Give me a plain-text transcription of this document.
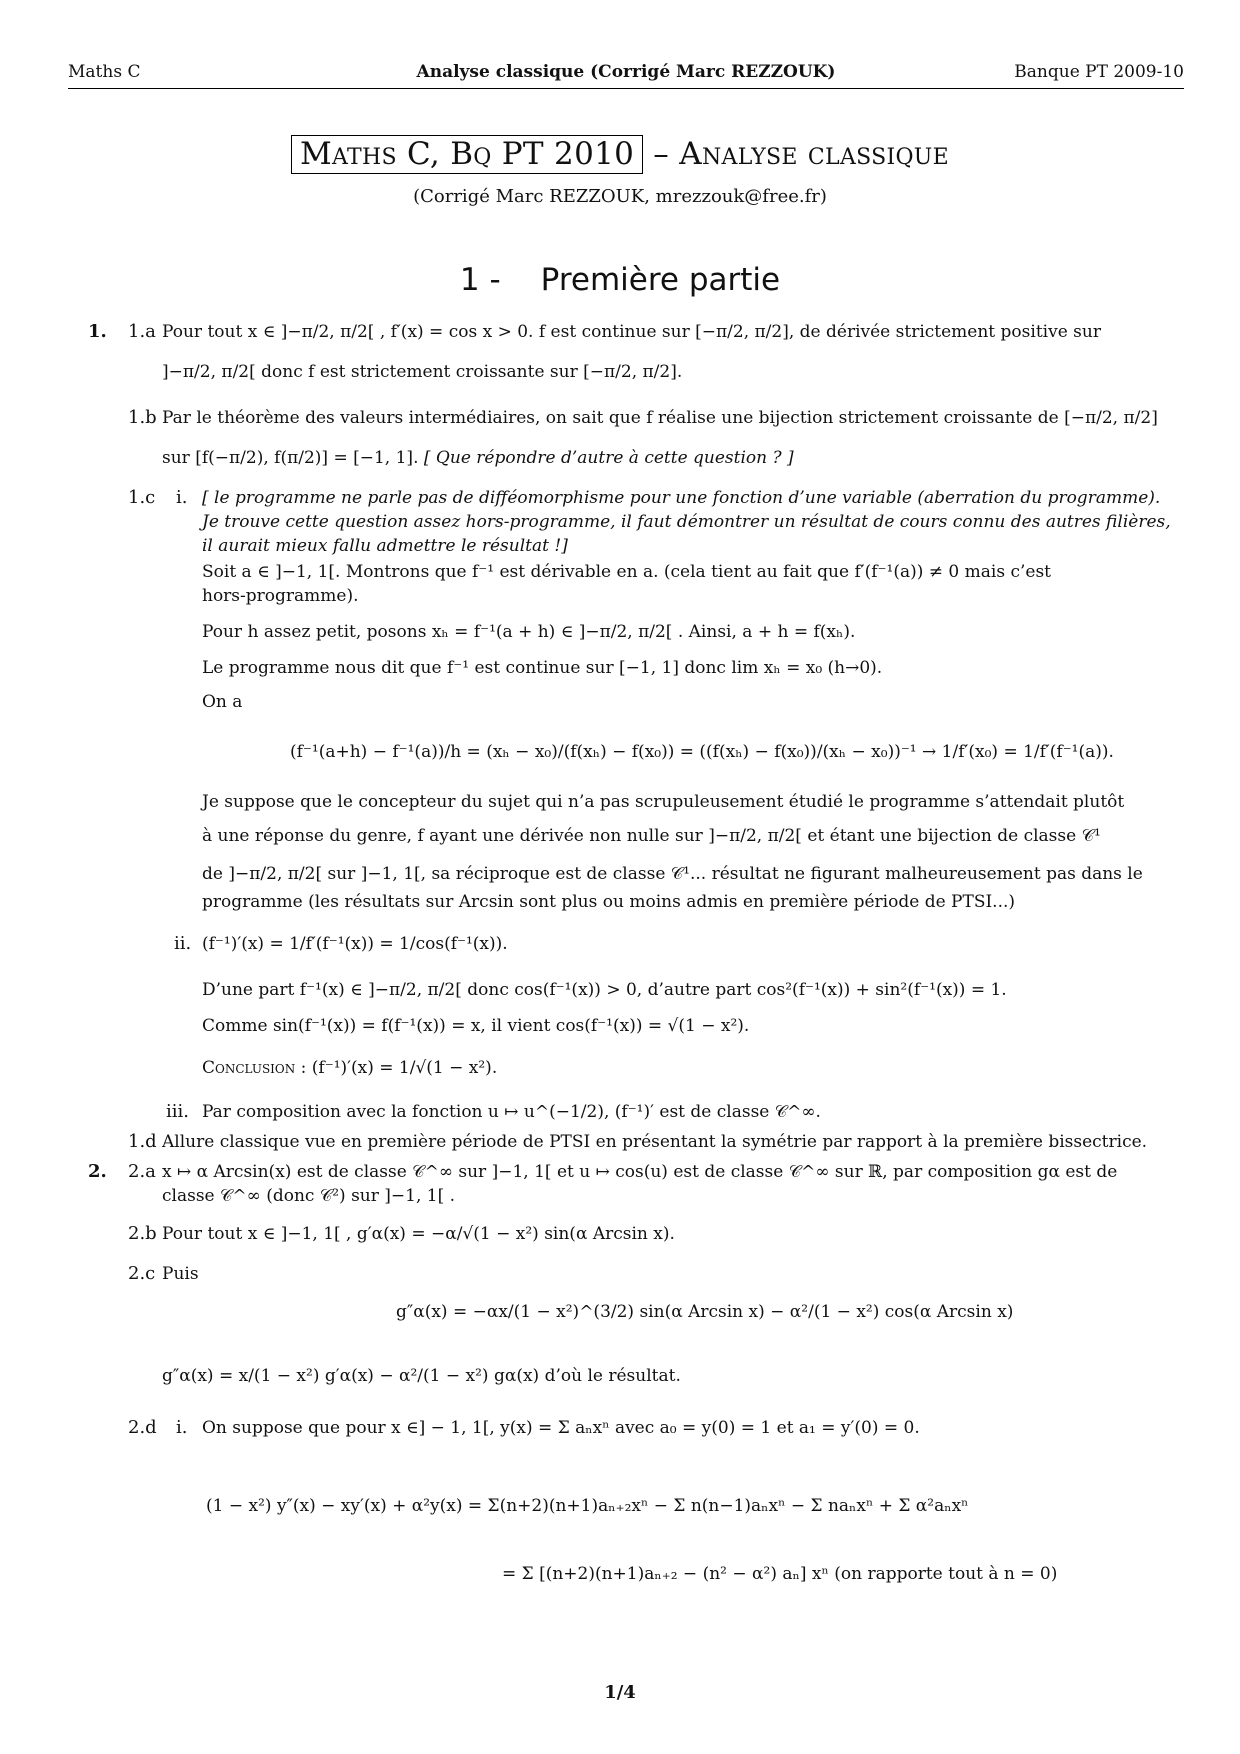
Maths C	Analyse classique (Corrigé Marc REZZOUK)	Banque PT 2009-10
Maths C, Bq PT 2010 – Analyse classique
(Corrigé Marc REZZOUK, mrezzouk@free.fr)
1 - Première partie
1. 1.a Pour tout x ∈ ]−π/2, π/2[ , f′(x) = cos x > 0. f est continue sur [−π/2, π/2], de dérivée strictement positive sur
]−π/2, π/2[ donc f est strictement croissante sur [−π/2, π/2].
1.b Par le théorème des valeurs intermédiaires, on sait que f réalise une bijection strictement croissante de [−π/2, π/2]
sur [f(−π/2), f(π/2)] = [−1, 1]. [ Que répondre d’autre à cette question ? ]
1.c i. [ le programme ne parle pas de difféomorphisme pour une fonction d’une variable (aberration du programme).
Je trouve cette question assez hors-programme, il faut démontrer un résultat de cours connu des autres filières,
il aurait mieux fallu admettre le résultat !]
Soit a ∈ ]−1, 1[. Montrons que f⁻¹ est dérivable en a. (cela tient au fait que f′(f⁻¹(a)) ≠ 0 mais c’est
hors-programme).
Pour h assez petit, posons xₕ = f⁻¹(a + h) ∈ ]−π/2, π/2[ . Ainsi, a + h = f(xₕ).
Le programme nous dit que f⁻¹ est continue sur [−1, 1] donc lim xₕ = x₀ (h→0).
On a
(f⁻¹(a+h) − f⁻¹(a))/h = (xₕ − x₀)/(f(xₕ) − f(x₀)) = ((f(xₕ) − f(x₀))/(xₕ − x₀))⁻¹ → 1/f′(x₀) = 1/f′(f⁻¹(a)).
Je suppose que le concepteur du sujet qui n’a pas scrupuleusement étudié le programme s’attendait plutôt
à une réponse du genre, f ayant une dérivée non nulle sur ]−π/2, π/2[ et étant une bijection de classe 𝒞¹
de ]−π/2, π/2[ sur ]−1, 1[, sa réciproque est de classe 𝒞¹... résultat ne figurant malheureusement pas dans le
programme (les résultats sur Arcsin sont plus ou moins admis en première période de PTSI...)
ii. (f⁻¹)′(x) = 1/f′(f⁻¹(x)) = 1/cos(f⁻¹(x)).
D’une part f⁻¹(x) ∈ ]−π/2, π/2[ donc cos(f⁻¹(x)) > 0, d’autre part cos²(f⁻¹(x)) + sin²(f⁻¹(x)) = 1.
Comme sin(f⁻¹(x)) = f(f⁻¹(x)) = x, il vient cos(f⁻¹(x)) = √(1 − x²).
Conclusion : (f⁻¹)′(x) = 1/√(1 − x²).
iii. Par composition avec la fonction u ↦ u^(−1/2), (f⁻¹)′ est de classe 𝒞^∞.
1.d Allure classique vue en première période de PTSI en présentant la symétrie par rapport à la première bissectrice.
2. 2.a x ↦ α Arcsin(x) est de classe 𝒞^∞ sur ]−1, 1[ et u ↦ cos(u) est de classe 𝒞^∞ sur ℝ, par composition gα est de
classe 𝒞^∞ (donc 𝒞²) sur ]−1, 1[ .
2.b Pour tout x ∈ ]−1, 1[ , g′α(x) = −α/√(1 − x²) sin(α Arcsin x).
2.c Puis
g″α(x) = −αx/(1 − x²)^(3/2) sin(α Arcsin x) − α²/(1 − x²) cos(α Arcsin x)
g″α(x) = x/(1 − x²) g′α(x) − α²/(1 − x²) gα(x) d’où le résultat.
2.d i. On suppose que pour x ∈] − 1, 1[, y(x) = Σ aₙxⁿ avec a₀ = y(0) = 1 et a₁ = y′(0) = 0.
(1 − x²) y″(x) − xy′(x) + α²y(x) = Σ(n+2)(n+1)aₙ₊₂xⁿ − Σ n(n−1)aₙxⁿ − Σ naₙxⁿ + Σ α²aₙxⁿ
= Σ [(n+2)(n+1)aₙ₊₂ − (n² − α²) aₙ] xⁿ (on rapporte tout à n = 0)
1/4
